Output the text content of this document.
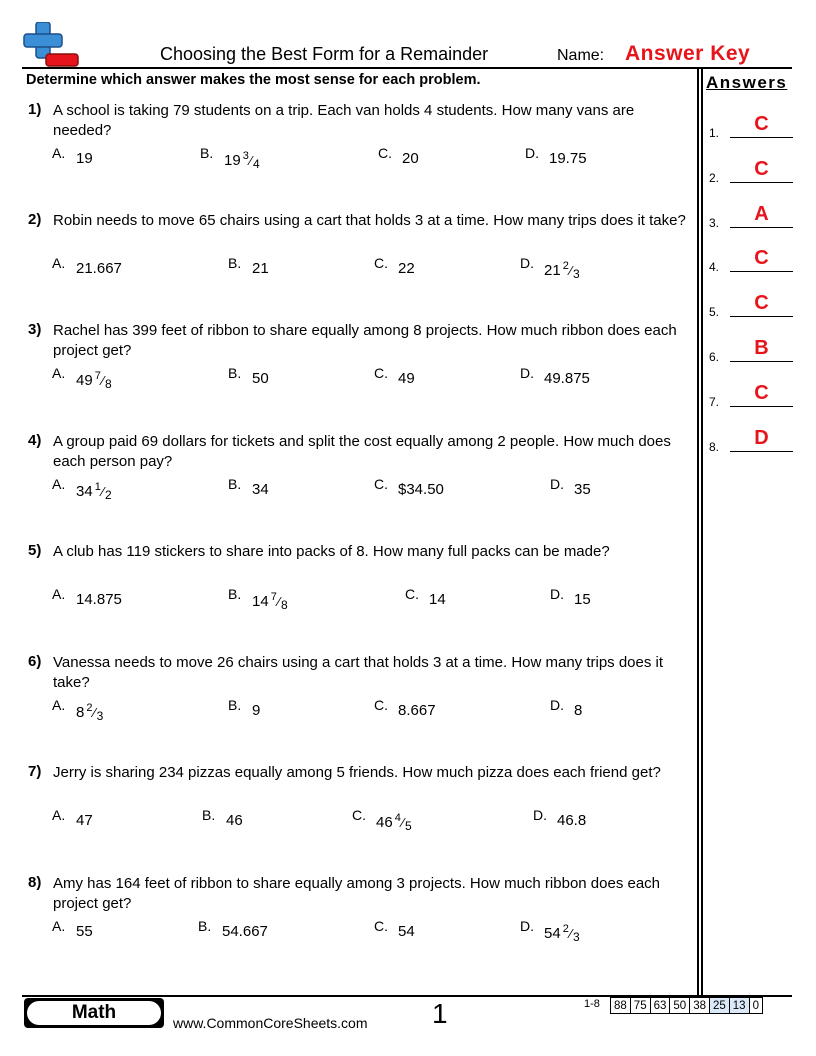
Choosing the Best Form for a Remainder	Name: Answer Key
Determine which answer makes the most sense for each problem.	Answers
1.	C
2.	C
3.	A
4.	C
5.	C
6.	B
7.	C
8.	D
1) A school is taking 79 students on a trip. Each van holds 4 students. How many vans are needed?
A. 19	B. 19 $^3⁄_4$
C. 20	D. 19.75
2) Robin needs to move 65 chairs using a cart that holds 3 at a time. How many trips does it take?
A. 21.667	B. 21	C. 22	D. 21 $^2⁄_3$
3) Rachel has 399 feet of ribbon to share equally among 8 projects. How much ribbon does each project get?
A. 49 $^7⁄_8$
B. 50	C. 49	D. 49.875
4) A group paid 69 dollars for tickets and split the cost equally among 2 people. How much does each person pay?
A. 34 $^1⁄_2$
B. 34	C. $34.50	D. 35
5) A club has 119 stickers to share into packs of 8. How many full packs can be made?
A. 14.875	B. 14 $^7⁄_8$
C. 14	D. 15
6) Vanessa needs to move 26 chairs using a cart that holds 3 at a time. How many trips does it take?
A. 8 $^2⁄_3$
B. 9	C. 8.667	D. 8
7) Jerry is sharing 234 pizzas equally among 5 friends. How much pizza does each friend get?
A. 47	B. 46	C. 46 $^4⁄_5$
D. 46.8
8) Amy has 164 feet of ribbon to share equally among 3 projects. How much ribbon does each project get?
A. 55	B. 54.667	C. 54	D. 54 $^2⁄_3$
Math	www.CommonCoreSheets.com 1	1-8 88	75	63	50	38	25	13	0
